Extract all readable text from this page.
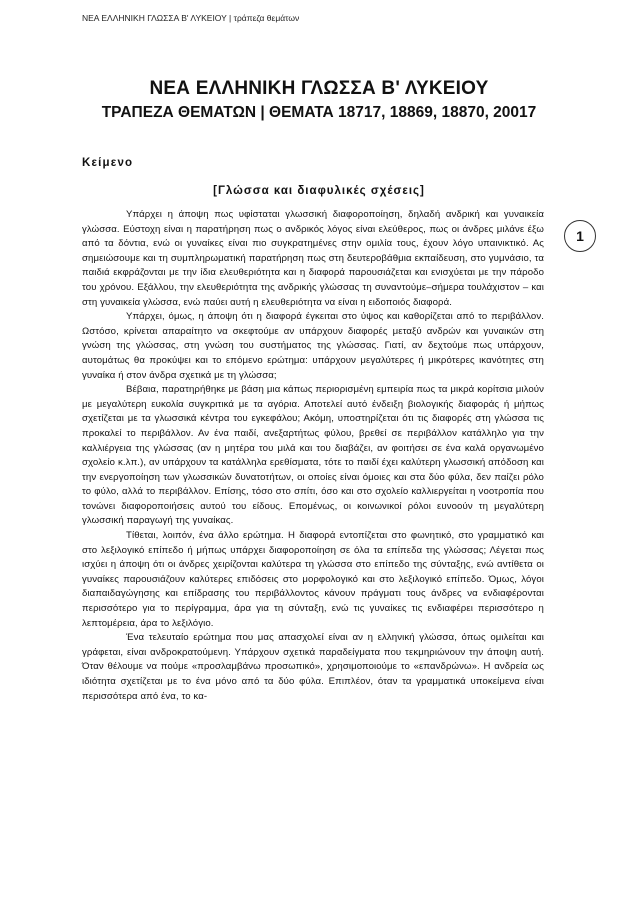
ΝΕΑ ΕΛΛΗΝΙΚΗ ΓΛΩΣΣΑ Β' ΛΥΚΕΙΟΥ | τράπεζα θεμάτων
ΝΕΑ ΕΛΛΗΝΙΚΗ ΓΛΩΣΣΑ Β' ΛΥΚΕΙΟΥ
ΤΡΑΠΕΖΑ ΘΕΜΑΤΩΝ | ΘΕΜΑΤΑ 18717, 18869, 18870, 20017
Κείμενο
[Γλώσσα και διαφυλικές σχέσεις]
1

Υπάρχει η άποψη πως υφίσταται γλωσσική διαφοροποίηση, δηλαδή ανδρική και γυναικεία γλώσσα. Εύστοχη είναι η παρατήρηση πως ο ανδρικός λόγος είναι ελεύθερος, πως οι άνδρες μιλάνε έξω από τα δόντια, ενώ οι γυναίκες είναι πιο συγκρατημένες στην ομιλία τους, έχουν λόγο υπαινικτικό. Ας σημειώσουμε και τη συμπληρωματική παρατήρηση πως στη δευτεροβάθμια εκπαίδευση, στο γυμνάσιο, τα παιδιά εκφράζονται με την ίδια ελευθεριότητα και η διαφορά παρουσιάζεται και ενισχύεται με την πάροδο του χρόνου. Εξάλλου, την ελευθεριότητα της ανδρικής γλώσσας τη συναντούμε–σήμερα τουλάχιστον – και στη γυναικεία γλώσσα, ενώ παύει αυτή η ελευθεριότητα να είναι η ειδοποιός διαφορά.

Υπάρχει, όμως, η άποψη ότι η διαφορά έγκειται στο ύψος και καθορίζεται από το περιβάλλον. Ωστόσο, κρίνεται απαραίτητο να σκεφτούμε αν υπάρχουν διαφορές μεταξύ ανδρών και γυναικών στη γνώση της γλώσσας, στη γνώση του συστήματος της γλώσσας. Γιατί, αν δεχτούμε πως υπάρχουν, αυτομάτως θα προκύψει και το επόμενο ερώτημα: υπάρχουν μεγαλύτερες ή μικρότερες ικανότητες στη γυναίκα ή στον άνδρα σχετικά με τη γλώσσα;

Βέβαια, παρατηρήθηκε με βάση μια κάπως περιορισμένη εμπειρία πως τα μικρά κορίτσια μιλούν με μεγαλύτερη ευκολία συγκριτικά με τα αγόρια. Αποτελεί αυτό ένδειξη βιολογικής διαφοράς ή μήπως σχετίζεται με τα γλωσσικά κέντρα του εγκεφάλου; Ακόμη, υποστηρίζεται ότι τις διαφορές στη γλώσσα τις προκαλεί το περιβάλλον. Αν ένα παιδί, ανεξαρτήτως φύλου, βρεθεί σε περιβάλλον κατάλληλο για την καλλιέργεια της γλώσσας (αν η μητέρα του μιλά και του διαβάζει, αν φοιτήσει σε ένα καλά οργανωμένο σχολείο κ.λπ.), αν υπάρχουν τα κατάλληλα ερεθίσματα, τότε το παιδί έχει καλύτερη γλωσσική απόδοση και την ενεργοποίηση των γλωσσικών δυνατοτήτων, οι οποίες είναι όμοιες και στα δύο φύλα, δεν παίζει ρόλο το φύλο, αλλά το περιβάλλον. Επίσης, τόσο στο σπίτι, όσο και στο σχολείο καλλιεργείται η νοοτροπία που τονώνει διαφοροποιήσεις αυτού του είδους. Επομένως, οι κοινωνικοί ρόλοι ευνοούν τη μεγαλύτερη γλωσσική παραγωγή της γυναίκας.

Τίθεται, λοιπόν, ένα άλλο ερώτημα. Η διαφορά εντοπίζεται στο φωνητικό, στο γραμματικό και στο λεξιλογικό επίπεδο ή μήπως υπάρχει διαφοροποίηση σε όλα τα επίπεδα της γλώσσας; Λέγεται πως ισχύει η άποψη ότι οι άνδρες χειρίζονται καλύτερα τη γλώσσα στο επίπεδο της σύνταξης, ενώ αντίθετα οι γυναίκες παρουσιάζουν καλύτερες επιδόσεις στο μορφολογικό και στο λεξιλογικό επίπεδο. Όμως, λόγοι διαπαιδαγώγησης και επίδρασης του περιβάλλοντος κάνουν πράγματι τους άνδρες να ενδιαφέρονται περισσότερο για το περίγραμμα, άρα για τη σύνταξη, ενώ τις γυναίκες τις ενδιαφέρει περισσότερο η λεπτομέρεια, άρα το λεξιλόγιο.

Ένα τελευταίο ερώτημα που μας απασχολεί είναι αν η ελληνική γλώσσα, όπως ομιλείται και γράφεται, είναι ανδροκρατούμενη. Υπάρχουν σχετικά παραδείγματα που τεκμηριώνουν την άποψη αυτή. Όταν θέλουμε να πούμε «προσλαμβάνω προσωπικό», χρησιμοποιούμε το «επανδρώνω». Η ανδρεία ως ιδιότητα σχετίζεται με το ένα μόνο από τα δύο φύλα. Επιπλέον, όταν τα γραμματικά υποκείμενα είναι περισσότερα από ένα, το κα-
